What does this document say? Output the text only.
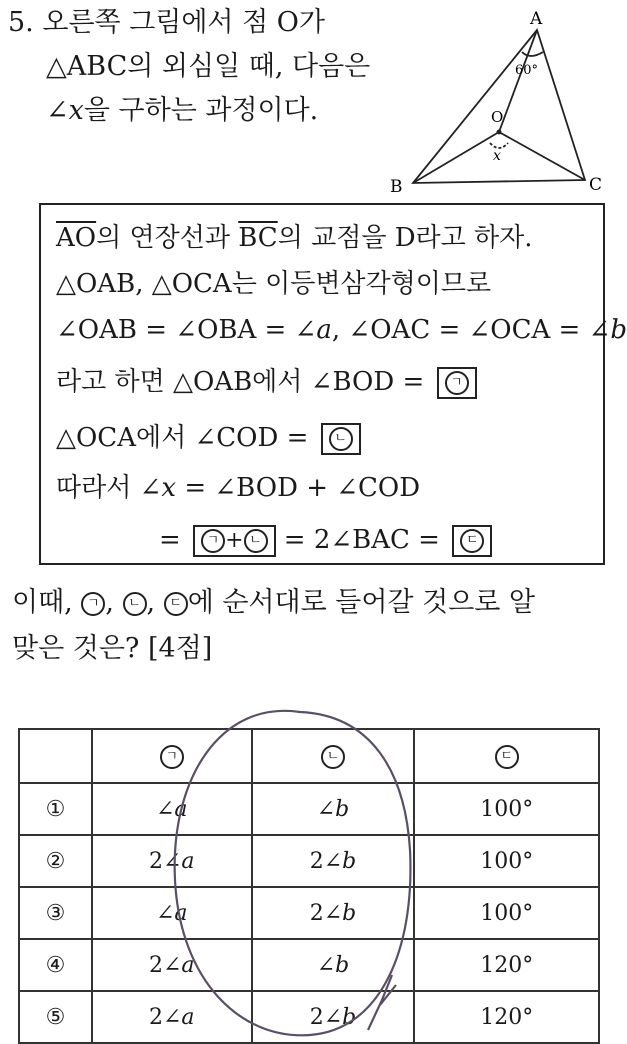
5. 오른쪽 그림에서 점 O가
△ABC의 외심일 때, 다음은
∠x을 구하는 과정이다.
A
B	C
O
60°
x
$\overline{AO}$의 연장선과 $\overline{BC}$의 교점을 D라고 하자.
△OAB, △OCA는 이등변삼각형이므로
∠OAB = ∠OBA = ∠a, ∠OAC = ∠OCA = ∠b
라고 하면 △OAB에서 ∠BOD = ㄱ
△OCA에서 ∠COD = ㄴ
따라서 ∠x = ∠BOD + ∠COD
= ㄱ + ㄴ = 2∠BAC = ㄷ
이때, ㄱ , ㄴ , ㄷ 에 순서대로 들어갈 것으로 알
맞은 것은? [4점]
	ㄱ	ㄴ	ㄷ
①	∠a	∠b	100°
②	2∠a	2∠b	100°
③	∠a	2∠b	100°
④	2∠a	∠b	120°
⑤	2∠a	2∠b	120°
